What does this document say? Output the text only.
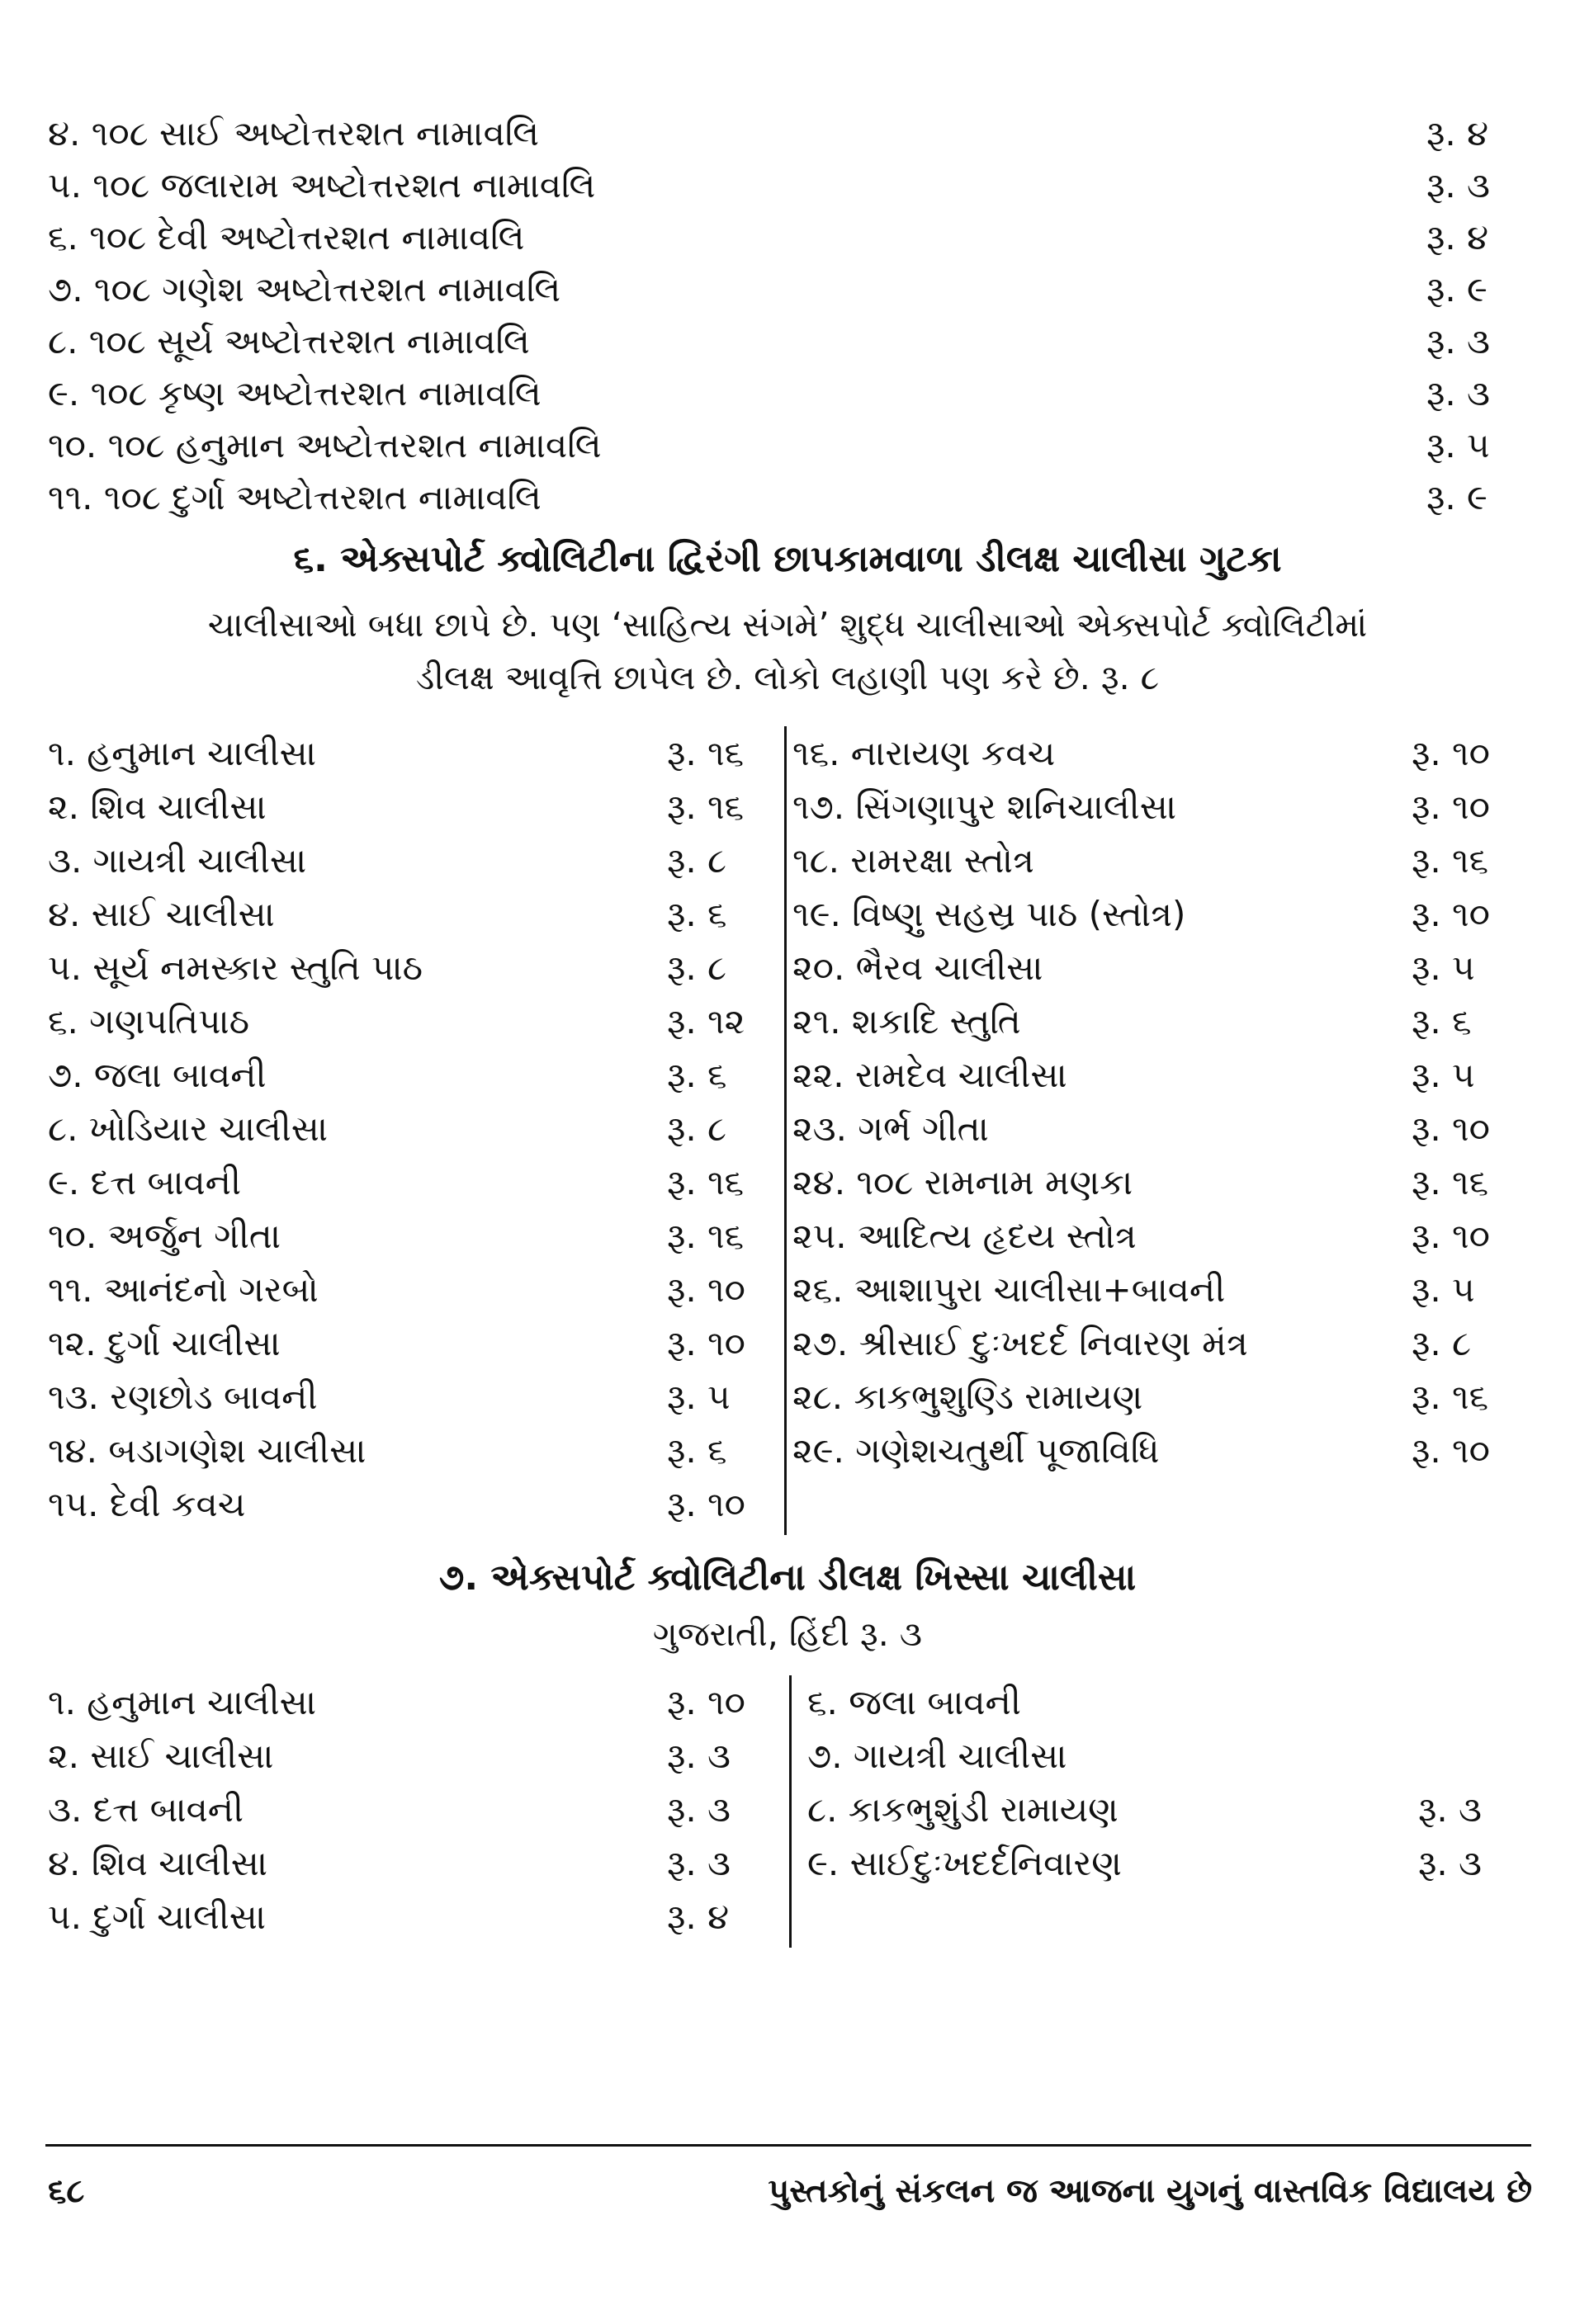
૪. ૧૦૮ સાઈ અષ્ટોત્તરશત નામાવલિ	રૂ. ૪
૫. ૧૦૮ જલારામ અષ્ટોત્તરશત નામાવલિ	રૂ. ૩
૬. ૧૦૮ દેવી અષ્ટોત્તરશત નામાવલિ	રૂ. ૪
૭. ૧૦૮ ગણેશ અષ્ટોત્તરશત નામાવલિ	રૂ. ૯
૮. ૧૦૮ સૂર્ય અષ્ટોત્તરશત નામાવલિ	રૂ. ૩
૯. ૧૦૮ કૃષ્ણ અષ્ટોત્તરશત નામાવલિ	રૂ. ૩
૧૦. ૧૦૮ હનુમાન અષ્ટોત્તરશત નામાવલિ	રૂ. ૫
૧૧. ૧૦૮ દુર્ગા અષ્ટોત્તરશત નામાવલિ	રૂ. ૯
૬. એક્સપોર્ટ ક્વોલિટીના દ્વિરંગી છાપકામવાળા ડીલક્ષ ચાલીસા ગુટકા
ચાલીસાઓ બધા છાપે છે. પણ ‘સાહિત્ય સંગમે’ શુદ્ધ ચાલીસાઓ એક્સપોર્ટ ક્વોલિટીમાં
ડીલક્ષ આવૃત્તિ છાપેલ છે. લોકો લહાણી પણ કરે છે. રૂ. ૮
૧. હનુમાન ચાલીસા	રૂ. ૧૬
૨. શિવ ચાલીસા	રૂ. ૧૬
૩. ગાયત્રી ચાલીસા	રૂ. ૮
૪. સાઈ ચાલીસા	રૂ. ૬
૫. સૂર્ય નમસ્કાર સ્તુતિ પાઠ	રૂ. ૮
૬. ગણપતિપાઠ	રૂ. ૧૨
૭. જલા બાવની	રૂ. ૬
૮. ખોડિયાર ચાલીસા	રૂ. ૮
૯. દત્ત બાવની	રૂ. ૧૬
૧૦. અર્જુન ગીતા	રૂ. ૧૬
૧૧. આનંદનો ગરબો	રૂ. ૧૦
૧૨. દુર્ગા ચાલીસા	રૂ. ૧૦
૧૩. રણછોડ બાવની	રૂ. ૫
૧૪. બડાગણેશ ચાલીસા	રૂ. ૬
૧૫. દેવી કવચ	રૂ. ૧૦
૧૬. નારાયણ કવચ	રૂ. ૧૦
૧૭. સિંગણાપુર શનિચાલીસા	રૂ. ૧૦
૧૮. રામરક્ષા સ્તોત્ર	રૂ. ૧૬
૧૯. વિષ્ણુ સહસ્ર પાઠ (સ્તોત્ર)	રૂ. ૧૦
૨૦. ભૈરવ ચાલીસા	રૂ. ૫
૨૧. શકાદિ સ્તુતિ	રૂ. ૬
૨૨. રામદેવ ચાલીસા	રૂ. ૫
૨૩. ગર્ભ ગીતા	રૂ. ૧૦
૨૪. ૧૦૮ રામનામ મણકા	રૂ. ૧૬
૨૫. આદિત્ય હૃદય સ્તોત્ર	રૂ. ૧૦
૨૬. આશાપુરા ચાલીસા+બાવની	રૂ. ૫
૨૭. શ્રીસાઈ દુઃખદર્દ નિવારણ મંત્ર	રૂ. ૮
૨૮. કાકભુશુણ્ડિ રામાયણ	રૂ. ૧૬
૨૯. ગણેશચતુર્થી પૂજાવિધિ	રૂ. ૧૦
૭. એક્સપોર્ટ ક્વોલિટીના ડીલક્ષ ખિસ્સા ચાલીસા
ગુજરાતી, હિંદી રૂ. ૩
૧. હનુમાન ચાલીસા	રૂ. ૧૦
૨. સાઈ ચાલીસા	રૂ. ૩
૩. દત્ત બાવની	રૂ. ૩
૪. શિવ ચાલીસા	રૂ. ૩
૫. દુર્ગા ચાલીસા	રૂ. ૪
૬. જલા બાવની
૭. ગાયત્રી ચાલીસા
૮. કાકભુશુંડી રામાયણ	રૂ. ૩
૯. સાઈદુઃખદર્દનિવારણ	રૂ. ૩
૬૮	પુસ્તકોનું સંકલન જ આજના યુગનું વાસ્તવિક વિદ્યાલય છે
